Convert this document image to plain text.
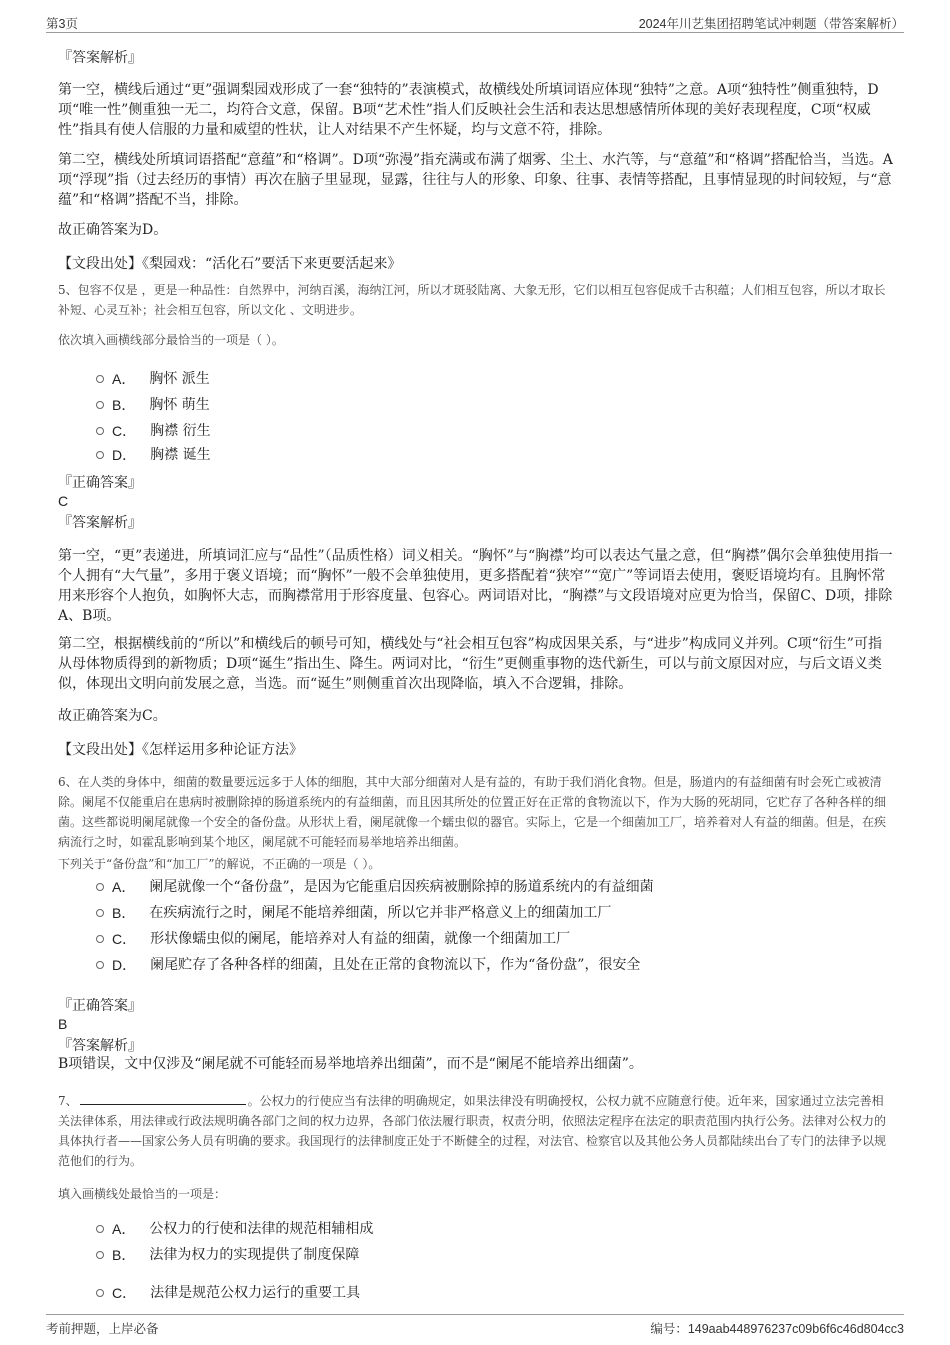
第3页	2024年川艺集团招聘笔试冲刺题（带答案解析）
『答案解析』

第一空，横线后通过“更”强调梨园戏形成了一套“独特的”表演模式，故横线处所填词语应体现“独特”之意。A项“独特性”侧重独特，D项“唯一性”侧重独一无二，均符合文意，保留。B项“艺术性”指人们反映社会生活和表达思想感情所体现的美好表现程度，C项“权威性”指具有使人信服的力量和威望的性状，让人对结果不产生怀疑，均与文意不符，排除。

第二空，横线处所填词语搭配“意蕴”和“格调”。D项“弥漫”指充满或布满了烟雾、尘土、水汽等，与“意蕴”和“格调”搭配恰当，当选。A项“浮现”指（过去经历的事情）再次在脑子里显现，显露，往往与人的形象、印象、往事、表情等搭配，且事情显现的时间较短，与“意蕴”和“格调”搭配不当，排除。

故正确答案为D。

【文段出处】《梨园戏：“活化石”要活下来更要活起来》

5、包容不仅是 ，更是一种品性：自然界中，河纳百溪，海纳江河，所以才斑驳陆离、大象无形，它们以相互包容促成千古积蕴；人们相互包容，所以才取长补短、心灵互补；社会相互包容，所以文化 、文明进步。

依次填入画横线部分最恰当的一项是（ ）。

A． 胸怀 派生
B． 胸怀 萌生
C． 胸襟 衍生
D． 胸襟 诞生
『正确答案』
C
『答案解析』

第一空，“更”表递进，所填词汇应与“品性”（品质性格）词义相关。“胸怀”与“胸襟”均可以表达气量之意，但“胸襟”偶尔会单独使用指一个人拥有“大气量”，多用于褒义语境；而“胸怀”一般不会单独使用，更多搭配着“狭窄”“宽广”等词语去使用，褒贬语境均有。且胸怀常用来形容个人抱负，如胸怀大志，而胸襟常用于形容度量、包容心。两词语对比，“胸襟”与文段语境对应更为恰当，保留C、D项，排除A、B项。

第二空，根据横线前的“所以”和横线后的顿号可知，横线处与“社会相互包容”构成因果关系，与“进步”构成同义并列。C项“衍生”可指从母体物质得到的新物质；D项“诞生”指出生、降生。两词对比，“衍生”更侧重事物的迭代新生，可以与前文原因对应，与后文语义类似，体现出文明向前发展之意，当选。而“诞生”则侧重首次出现降临，填入不合逻辑，排除。

故正确答案为C。

【文段出处】《怎样运用多种论证方法》

6、在人类的身体中，细菌的数量要远远多于人体的细胞，其中大部分细菌对人是有益的，有助于我们消化食物。但是，肠道内的有益细菌有时会死亡或被清除。阑尾不仅能重启在患病时被删除掉的肠道系统内的有益细菌，而且因其所处的位置正好在正常的食物流以下，作为大肠的死胡同，它贮存了各种各样的细菌。这些都说明阑尾就像一个安全的备份盘。从形状上看，阑尾就像一个蠕虫似的器官。实际上，它是一个细菌加工厂，培养着对人有益的细菌。但是，在疾病流行之时，如霍乱影响到某个地区，阑尾就不可能轻而易举地培养出细菌。

下列关于“备份盘”和“加工厂”的解说，不正确的一项是（ ）。

A． 阑尾就像一个“备份盘”，是因为它能重启因疾病被删除掉的肠道系统内的有益细菌
B． 在疾病流行之时，阑尾不能培养细菌，所以它并非严格意义上的细菌加工厂
C． 形状像蠕虫似的阑尾，能培养对人有益的细菌，就像一个细菌加工厂
D． 阑尾贮存了各种各样的细菌，且处在正常的食物流以下，作为“备份盘”，很安全
『正确答案』
B
『答案解析』

B项错误，文中仅涉及“阑尾就不可能轻而易举地培养出细菌”，而不是“阑尾不能培养出细菌”。

7、	。公权力的行使应当有法律的明确规定，如果法律没有明确授权，公权力就不应随意行使。近年来，国家通过立法完善相关法律体系，用法律或行政法规明确各部门之间的权力边界，各部门依法履行职责，权责分明，依照法定程序在法定的职责范围内执行公务。法律对公权力的具体执行者——国家公务人员有明确的要求。我国现行的法律制度正处于不断健全的过程，对法官、检察官以及其他公务人员都陆续出台了专门的法律予以规范他们的行为。

填入画横线处最恰当的一项是：

A． 公权力的行使和法律的规范相辅相成
B． 法律为权力的实现提供了制度保障
C． 法律是规范公权力运行的重要工具
考前押题，上岸必备	编号：149aab448976237c09b6f6c46d804cc3
